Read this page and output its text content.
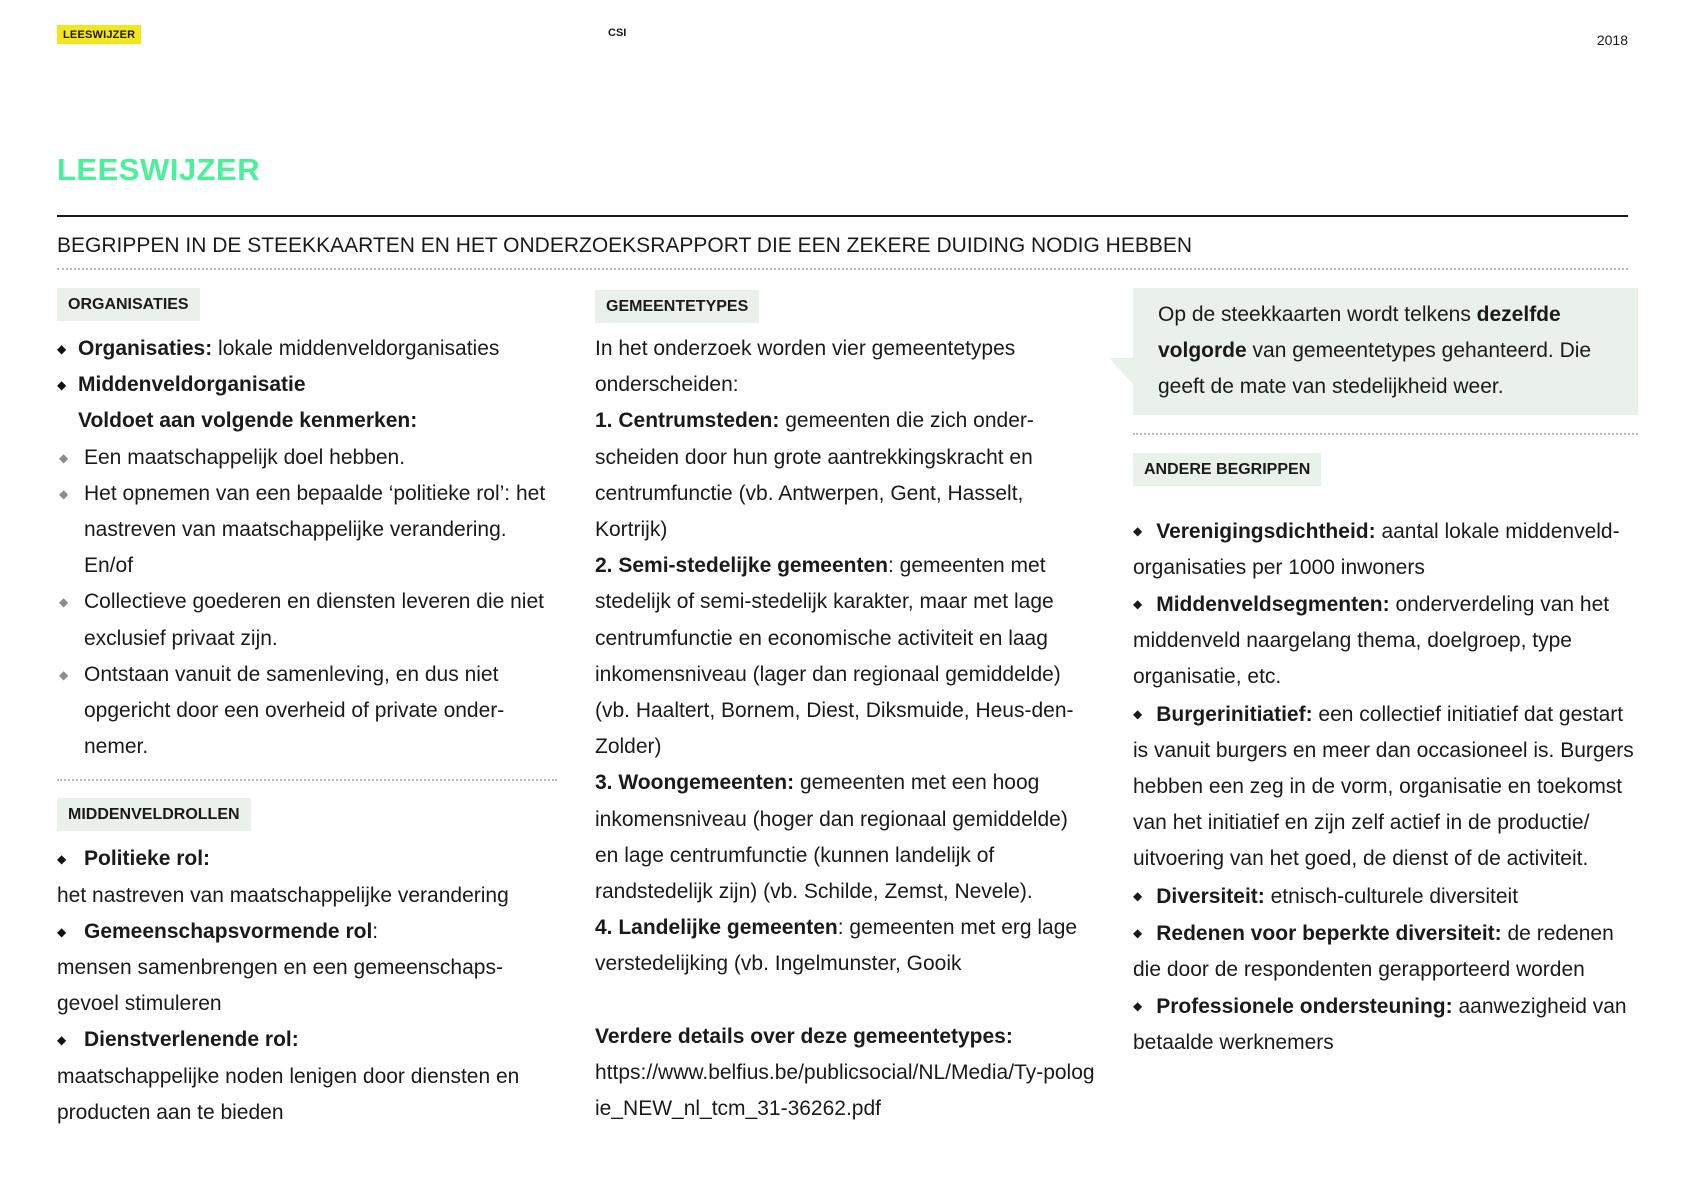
LEESWIJZER	CSI	2018
LEESWIJZER
BEGRIPPEN IN DE STEEKKAARTEN EN HET ONDERZOEKSRAPPORT DIE EEN ZEKERE DUIDING NODIG HEBBEN
ORGANISATIES
◆ Organisaties: lokale middenveldorganisaties
◆ Middenveldorganisatie
Voldoet aan volgende kenmerken:
◆ Een maatschappelijk doel hebben.
◆ Het opnemen van een bepaalde ‘politieke rol’: het nastreven van maatschappelijke verandering. En/of
◆ Collectieve goederen en diensten leveren die niet exclusief privaat zijn.
◆ Ontstaan vanuit de samenleving, en dus niet opgericht door een overheid of private onder-nemer.
MIDDENVELDROLLEN
◆ Politieke rol:
het nastreven van maatschappelijke verandering
◆ Gemeenschapsvormende rol:
mensen samenbrengen en een gemeenschaps-gevoel stimuleren
◆ Dienstverlenende rol:
maatschappelijke noden lenigen door diensten en producten aan te bieden
GEMEENTETYPES
In het onderzoek worden vier gemeentetypes onderscheiden:
1. Centrumsteden: gemeenten die zich onder-scheiden door hun grote aantrekkingskracht en centrumfunctie (vb. Antwerpen, Gent, Hasselt, Kortrijk)
2. Semi-stedelijke gemeenten: gemeenten met stedelijk of semi-stedelijk karakter, maar met lage centrumfunctie en economische activiteit en laag inkomensniveau (lager dan regionaal gemiddelde) (vb. Haaltert, Bornem, Diest, Diksmuide, Heus-den-Zolder)
3. Woongemeenten: gemeenten met een hoog inkomensniveau (hoger dan regionaal gemiddelde) en lage centrumfunctie (kunnen landelijk of randstedelijk zijn) (vb. Schilde, Zemst, Nevele).
4. Landelijke gemeenten: gemeenten met erg lage verstedelijking (vb. Ingelmunster, Gooik
Verdere details over deze gemeentetypes:
https://www.belfius.be/publicsocial/NL/Media/Ty-pologie_NEW_nl_tcm_31-36262.pdf
Op de steekkaarten wordt telkens dezelfde volgorde van gemeentetypes gehanteerd. Die geeft de mate van stedelijkheid weer.
ANDERE BEGRIPPEN
◆ Verenigingsdichtheid: aantal lokale middenveld-organisaties per 1000 inwoners
◆ Middenveldsegmenten: onderverdeling van het middenveld naargelang thema, doelgroep, type organisatie, etc.
◆ Burgerinitiatief: een collectief initiatief dat gestart is vanuit burgers en meer dan occasioneel is. Burgers hebben een zeg in de vorm, organisatie en toekomst van het initiatief en zijn zelf actief in de productie/ uitvoering van het goed, de dienst of de activiteit.
◆ Diversiteit: etnisch-culturele diversiteit
◆ Redenen voor beperkte diversiteit: de redenen die door de respondenten gerapporteerd worden
◆ Professionele ondersteuning: aanwezigheid van betaalde werknemers
